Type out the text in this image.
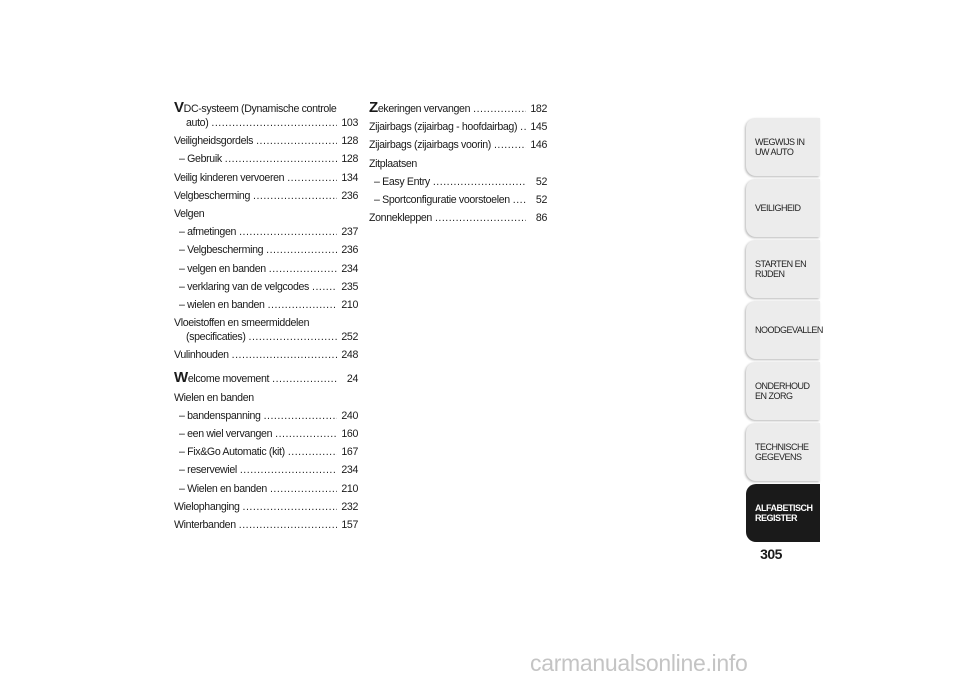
VDC-systeem (Dynamische controle
auto) .....	103
Veiligheidsgordels .....	128
– Gebruik .....	128
Veilig kinderen vervoeren .....	134
Velgbescherming .....	236
Velgen
– afmetingen .....	237
– Velgbescherming .....	236
– velgen en banden .....	234
– verklaring van de velgcodes .....	235
– wielen en banden .....	210
Vloeistoffen en smeermiddelen
(specificaties) .....	252
Vulinhouden .....	248
Welcome movement .....	24
Wielen en banden
– bandenspanning .....	240
– een wiel vervangen .....	160
– Fix&Go Automatic (kit) .....	167
– reservewiel .....	234
– Wielen en banden .....	210
Wielophanging .....	232
Winterbanden .....	157
Zekeringen vervangen .....	182
Zijairbags (zijairbag - hoofdairbag) ..... 145
Zijairbags (zijairbags voorin) .....	146
Zitplaatsen
– Easy Entry .....	52
– Sportconfiguratie voorstoelen .....	52
Zonnekleppen .....	86
WEGWIJS IN UW AUTO
VEILIGHEID
STARTEN EN RIJDEN
NOODGEVALLEN
ONDERHOUD EN ZORG
TECHNISCHE GEGEVENS
ALFABETISCH REGISTER
305
carmanualsonline.info
